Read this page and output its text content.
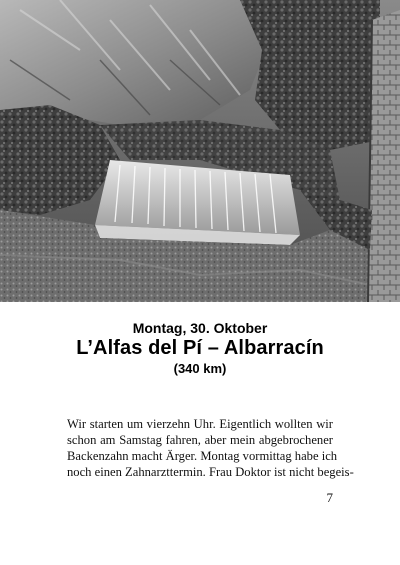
Montag, 30. Oktober
L’Alfas del Pí – Albarracín
(340 km)
Wir starten um vierzehn Uhr. Eigentlich wollten wir
schon am Samstag fahren, aber mein abgebrochener
Backenzahn macht Ärger. Montag vormittag habe ich
noch einen Zahnarzttermin. Frau Doktor ist nicht begeis-
7
